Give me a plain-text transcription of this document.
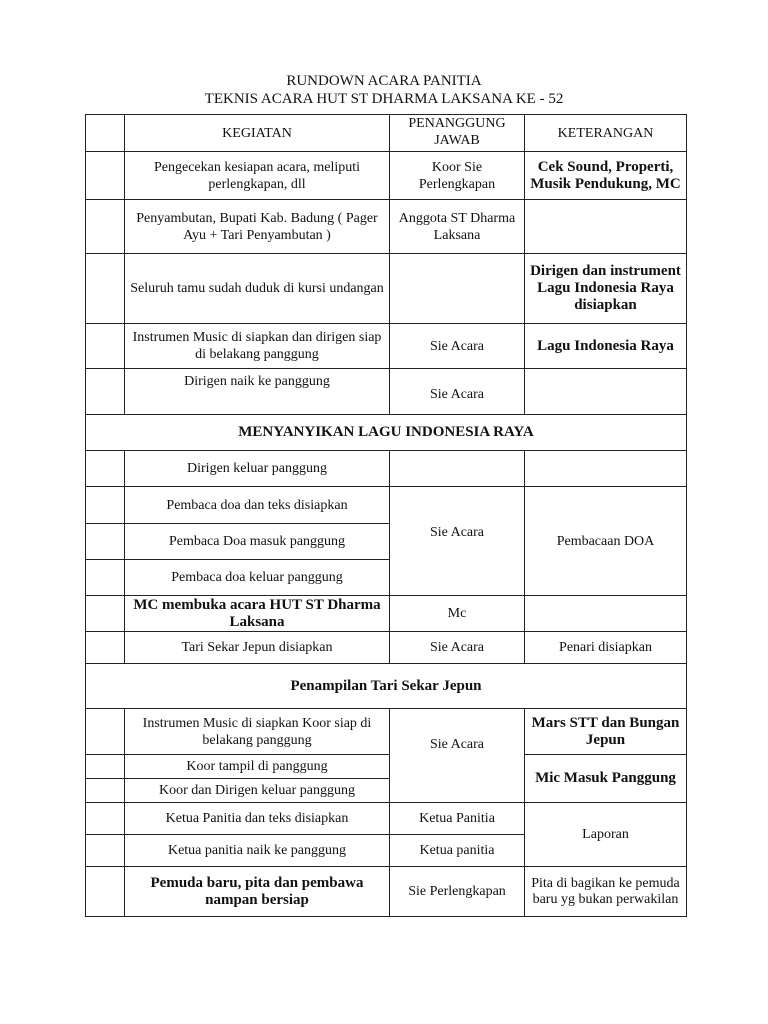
RUNDOWN ACARA PANITIA
TEKNIS ACARA HUT ST DHARMA LAKSANA KE - 52
	KEGIATAN	PENANGGUNG JAWAB	KETERANGAN
	Pengecekan kesiapan acara, meliputi perlengkapan, dll	Koor Sie Perlengkapan	Cek Sound, Properti, Musik Pendukung, MC
	Penyambutan, Bupati Kab. Badung ( Pager Ayu + Tari Penyambutan )	Anggota ST Dharma Laksana	
	Seluruh tamu sudah duduk di kursi undangan		Dirigen dan instrument Lagu Indonesia Raya disiapkan
	Instrumen Music di siapkan dan dirigen siap di belakang panggung	Sie Acara	Lagu Indonesia Raya
	Dirigen naik ke panggung	Sie Acara	
MENYANYIKAN LAGU INDONESIA RAYA			
	Dirigen keluar panggung		
	Pembaca doa dan teks disiapkan	Sie Acara	Pembacaan DOA
	Pembaca Doa masuk panggung		
	Pembaca doa keluar panggung		
	MC membuka acara HUT ST Dharma Laksana	Mc	
	Tari Sekar Jepun disiapkan	Sie Acara	Penari disiapkan
Penampilan Tari Sekar Jepun			
	Instrumen Music di siapkan Koor siap di belakang panggung	Sie Acara	Mars STT dan Bungan Jepun
	Koor tampil di panggung		Mic Masuk Panggung
	Koor dan Dirigen keluar panggung		
	Ketua Panitia dan teks disiapkan	Ketua Panitia	Laporan
	Ketua panitia naik ke panggung	Ketua panitia	
	Pemuda baru, pita dan pembawa nampan bersiap	Sie Perlengkapan	Pita di bagikan ke pemuda baru yg bukan perwakilan
